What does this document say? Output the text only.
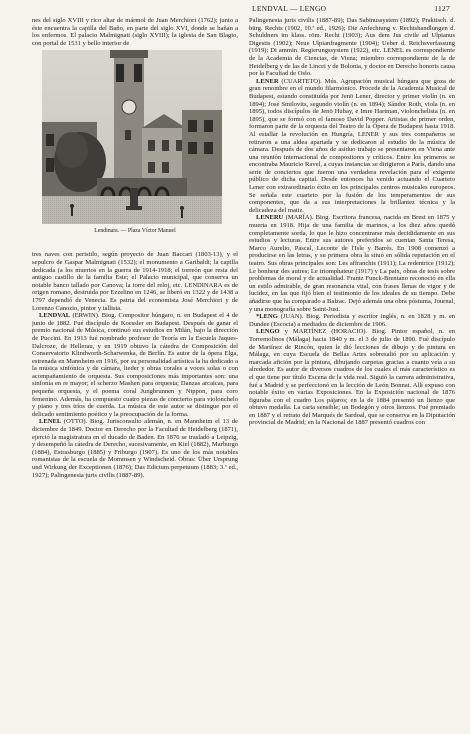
LENDVAL — LENGO	1127

nes del siglo XVIII y rico altar de mármol de Juan Merchiori (1762); junto a éste encuentra la capilla del Baño, en parte del siglo XVI, donde se bañan a los enfermos. El palacio Malmignati (siglo XVIII); la iglesia de San Blagio, con portal de 1531 y bello interior de

Lendinara. — Plaza Víctor Manuel

tres naves con peristilo, según proyecto de Juan Baccari (1803-13), y el sepulcro de Gaspar Malmignati (1532); el monumento a Garibaldi; la capilla dedicada (a los muertos en la guerra de 1914-1918; el torreón que resta del antiguo castillo de la familia Este; el Palacio municipal, que conserva un notable banco tallado por Canova; la torre del reloj, etc. LENDINARA es de origen romano, destruida por Ezzelino en 1246, se liberó en 1322 y de 1438 a 1797 dependió de Venecia. Es patria del economista José Merchiori y de Lorenzo Canozio, pintor y tallista.

LENDVAL (ERWIN). Biog. Compositor húngaro, n. en Budapest el 4 de junio de 1882. Fué discípulo de Koessler en Budapest. Después de ganar el premio nacional de Música, continuó sus estudios en Milán, bajo la dirección de Puccini. En 1913 fué nombrado profesor de Teoría en la Escuela Jaques-Dalcroze, de Hellerau, y en 1919 obtuvo la cátedra de Composición del Conservatorio Klindworth-Scharwenka, de Berlín. Es autor de la ópera Elga, estrenada en Mannheim en 1916, por su personalidad artística la ha dedicado a la música sinfónica y de cámara, lieder y obras corales a voces solas o con acompañamiento de orquesta. Sus composiciones más importantes son: una sinfonía en re mayor; el scherzo Mashen para orquesta; Danzas arcaicas, para pequeña orquesta, y el poema coral Jungbrunnen y Nippon, para coro femenino. Además, ha compuesto cuatro piezas de concierto para violonchelo y piano y tres tríos de cuerda. La música de este autor se distingue por el delicado sentimiento poético y la preocupación de la forma.

LENEL (OTTO). Biog. Jurisconsulto alemán, n. en Mannheim el 13 de diciembre de 1849. Doctor en Derecho por la Facultad de Heidelberg (1871), ejerció la magistratura en el ducado de Baden. En 1876 se trasladó a Leipzig, y desempeñó la cátedra de Derecho, sucesivamente, en Kiel (1882), Marburgo (1884), Estrasburgo (1885) y Friburgo (1907). Es uno de los más notables romanistas de la escuela de Mommsen y Windscheid. Obras: Über Ursprung und Wirkung der Exceptionen (1876); Das Edictum perpetuum (1883; 3.ª ed., 1927); Palingenesia juris civilis (1887-89).

Palingenesia juris civilis (1887-89); Das Sabinussystem (1892); Praktisch. d. bürg. Rechts (1902, 10.ª ed., 1926); Die Anfechtung v. Rechtshandlungen d. Schuldners im klass. röm. Recht (1903); Aus dem Jus civile ad Ulpianus Digestis (1902); Neue Ulpianfragmente (1904); Ueber d. Reichsverfassung (1919); Di ammin. Regierungssystem (1922), etc. LENEL es correspondiente de la Academia de Ciencias, de Viena; miembro correspondiente de la de Heidelberg y de las de Lincei y de Bolonia, y doctor en Derecho honoris causa por la Facultad de Oslo.

LENER (CUARTETO). Mús. Agrupación musical húngara que goza de gran renombre en el mundo filarmónico. Procede de la Academia Musical de Budapest, estando constituída por Jenö Lener, director y primer violín (n. en 1894); José Smilovits, segundo violín (n. en 1894); Sándor Roth, viola (n. en 1895), todos discípulos de Jenö Hubay, e Imre Hartman, violonchelista (n. en 1895), que se formó con el famoso David Popper. Artistas de primer orden, formaron parte de la orquesta del Teatro de la Ópera de Budapest hasta 1918. Al estallar la revolución en Hungría, LENER y sus tres compañeros se retiraron a una aldea apartada y se dedicaron al estudio de la música de cámara. Después de dos años de asiduo trabajo se presentaron en Viena ante una reunión internacional de compositores y críticos. Entre los primeros se encontraba Mauricio Ravel, a cuyas instancias se dirigieron a París, dando una serie de conciertos que fueron una verdadera revelación para el exigente público de dicha capital. Desde entonces ha venido actuando el Cuarteto Lener con extraordinario éxito en los principales centros musicales europeos. Se señala este cuarteto por la fusión de los temperamentos de sus componentes, que da a sus interpretaciones la brillantez técnica y la delicadeza del matiz.

LENERU (MARÍA). Biog. Escritora francesa, nacida en Brest en 1875 y muerta en 1918. Hija de una familia de marinos, a los diez años quedó completamente sorda, lo que le hizo concentrarse más decididamente en sus estudios y lecturas. Entre sus autores preferidos se cuentan Santa Teresa, Marco Aurelio, Pascal, Leconte de l'Isle y Barrès. En 1908 comenzó a producirse en las letras, y su primera obra la situó en sólida reputación en el teatro. Sus obras principales son: Les affranchis (1911); La redentrice (1912); Le bonheur des autres; Le triomphateur (1917) y La paix, obras de tesis sobre problemas de moral y de actualidad. Frantz Funck-Brentano reconoció en ella un estilo admirable, de gran resonancia vital, con frases llenas de vigor y de lucidez, en las que fijó bien el testimonio de los ideales de su tiempo. Debe añadirse que ha comparado a Balzac. Dejó además una obra póstuma, Journal, y una monografía sobre Saint-Just.

*LENG (JUAN). Biog. Periodista y escritor inglés, n. en 1828 y m. en Dundee (Escocia) a mediados de diciembre de 1906.

LENGO y MARTÍNEZ (HORACIO). Biog. Pintor español, n. en Torremolinos (Málaga) hacia 1840 y m. el 3 de julio de 1890. Fué discípulo de Martínez de Rincón, quien le dió lecciones de dibujo y de pintura en Málaga, en cuya Escuela de Bellas Artes sobresalió por su aplicación y marcada afición por la pintura, dibujando carpetas gracias a cuanto veía a su alrededor. Es autor de diversos cuadros de los cuales el más característico es el que tiene por título Escena de la vida real. Siguió la carrera administrativa, fué a Madrid y se perfeccionó en la lección de León Bonnat. Allí expuso con notable éxito en varias Exposiciones. En la Exposición nacional de 1876 figuraba con el cuadro Los pájaros; en la de 1884 presentó un lienzo que obtuvo medalla. La carta sensible; un Bodegón y otros lienzos. Fué premiado en 1887 y el retrato del Marqués de Sardoal, que se conserva en la Diputación provincial de Madrid; en la Nacional de 1887 presentó cuadros con
